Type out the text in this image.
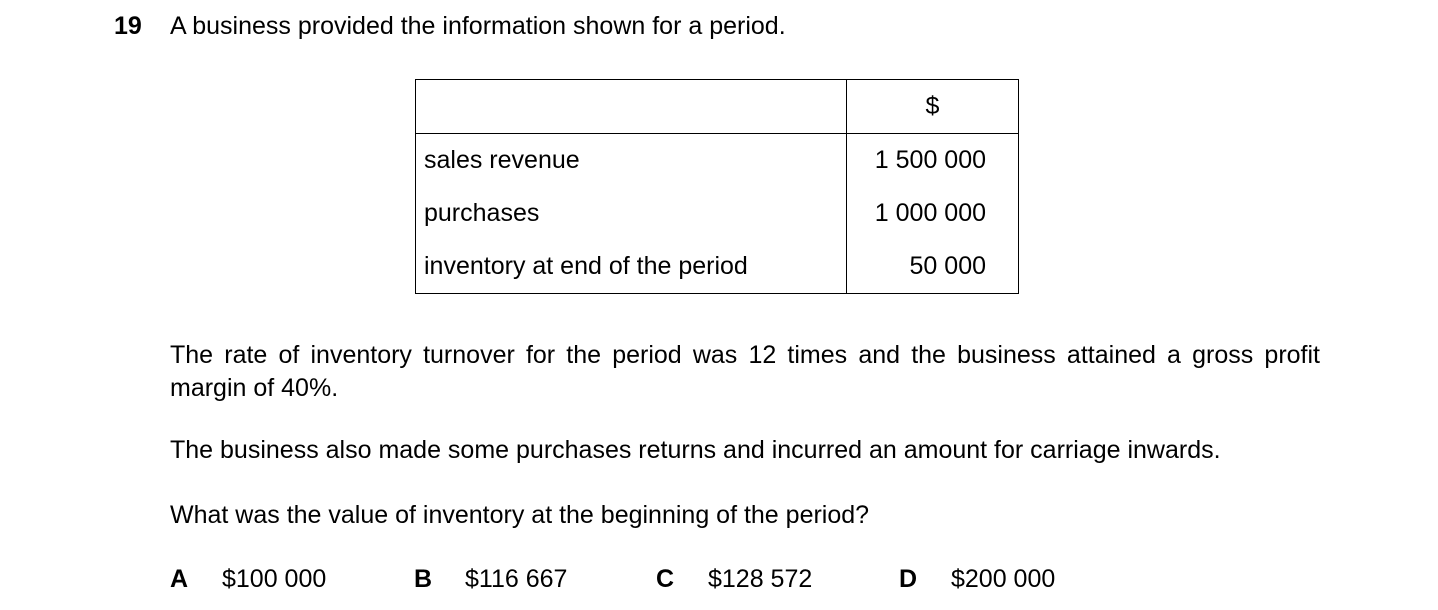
19 A business provided the information shown for a period.
	$
sales revenue	1 500 000
purchases	1 000 000
inventory at end of the period	50 000
The rate of inventory turnover for the period was 12 times and the business attained a gross profit margin of 40%.
The business also made some purchases returns and incurred an amount for carriage inwards.
What was the value of inventory at the beginning of the period?
A $100 000	B $116 667	C $128 572	D $200 000
